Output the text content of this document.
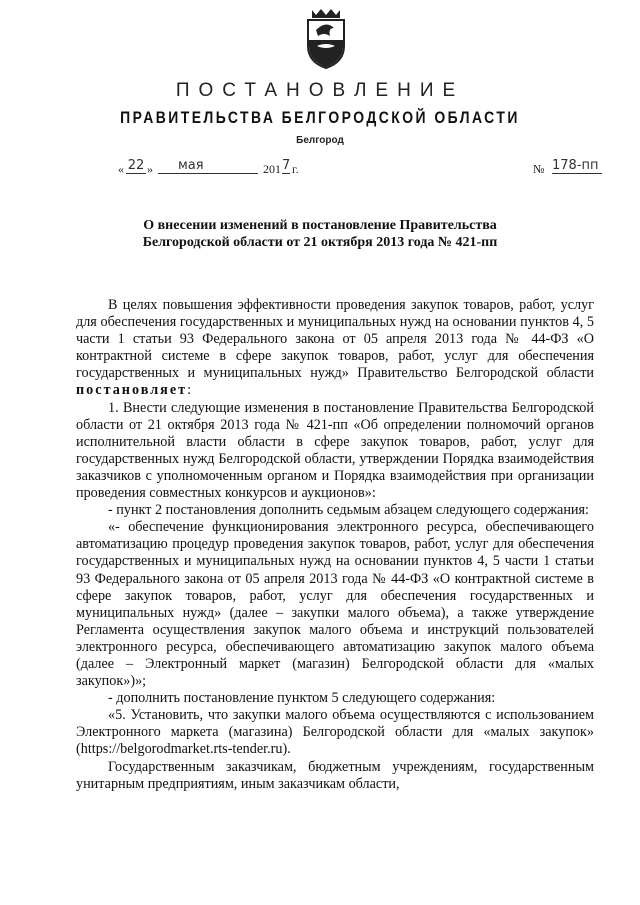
ПОСТАНОВЛЕНИЕ
ПРАВИТЕЛЬСТВА БЕЛГОРОДСКОЙ ОБЛАСТИ
Белгород
« 22 »	мая	201 7 г.	№ 178-пп
О внесении изменений в постановление Правительства
Белгородской области от 21 октября 2013 года № 421-пп

В целях повышения эффективности проведения закупок товаров, работ, услуг для обеспечения государственных и муниципальных нужд на основании пунктов 4, 5 части 1 статьи 93 Федерального закона от 05 апреля 2013 года № 44-ФЗ «О контрактной системе в сфере закупок товаров, работ, услуг для обеспечения государственных и муниципальных нужд» Правительство Белгородской области постановляет:

1. Внести следующие изменения в постановление Правительства Белгородской области от 21 октября 2013 года № 421-пп «Об определении полномочий органов исполнительной власти области в сфере закупок товаров, работ, услуг для государственных нужд Белгородской области, утверждении Порядка взаимодействия заказчиков с уполномоченным органом и Порядка взаимодействия при организации проведения совместных конкурсов и аукционов»:

- пункт 2 постановления дополнить седьмым абзацем следующего содержания:

«- обеспечение функционирования электронного ресурса, обеспечивающего автоматизацию процедур проведения закупок товаров, работ, услуг для обеспечения государственных и муниципальных нужд на основании пунктов 4, 5 части 1 статьи 93 Федерального закона от 05 апреля 2013 года № 44-ФЗ «О контрактной системе в сфере закупок товаров, работ, услуг для обеспечения государственных и муниципальных нужд» (далее – закупки малого объема), а также утверждение Регламента осуществления закупок малого объема и инструкций пользователей электронного ресурса, обеспечивающего автоматизацию закупок малого объема (далее – Электронный маркет (магазин) Белгородской области для «малых закупок»)»;

- дополнить постановление пунктом 5 следующего содержания:

«5. Установить, что закупки малого объема осуществляются с использованием Электронного маркета (магазина) Белгородской области для «малых закупок» (https://belgorodmarket.rts-tender.ru).

Государственным заказчикам, бюджетным учреждениям, государственным унитарным предприятиям, иным заказчикам области,
